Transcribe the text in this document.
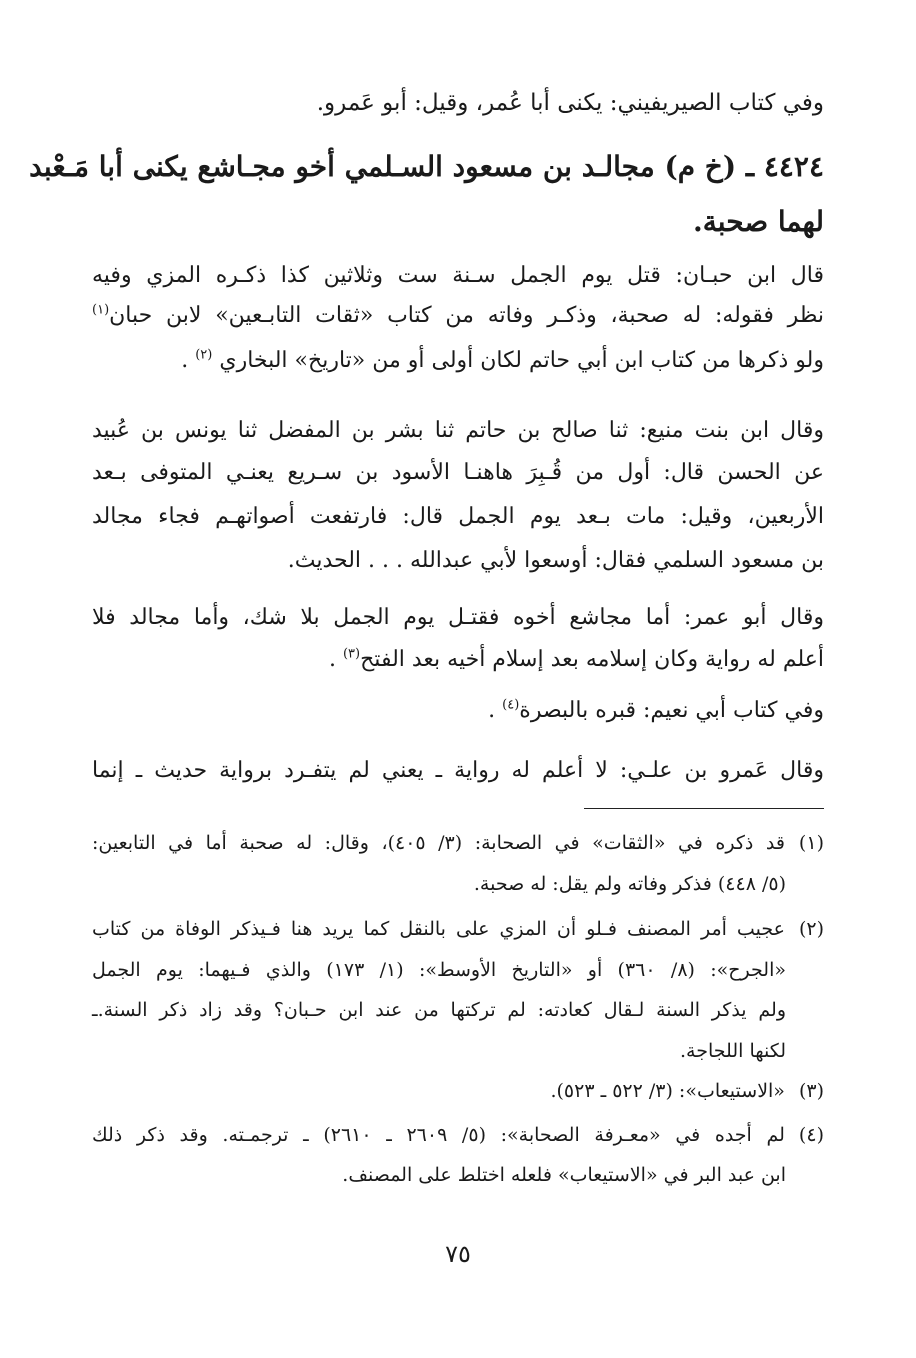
وفي كتاب الصيريفيني: يكنى أبا عُمر، وقيل: أبو عَمرو.
٤٤٢٤ ـ (خ م) مجالـد بن مسعود السـلمي أخو مجـاشع يكنى أبا مَـعْبد
لهما صحبة.
قال ابن حبـان: قتل يوم الجمل سـنة ست وثلاثين كذا ذكـره المزي وفيه
نظر فقوله: له صحبة، وذكـر وفاته من كتاب «ثقات التابـعين» لابن حبان$^{(١)}$
ولو ذكرها من كتاب ابن أبي حاتم لكان أولى أو من «تاريخ» البخاري $^{(٢)}$ .
وقال ابن بنت منيع: ثنا صالح بن حاتم ثنا بشر بن المفضل ثنا يونس بن عُبيد
عن الحسن قال: أول من قُـبِرَ هاهنـا الأسود بن سـريع يعنـي المتوفى بـعد
الأربعين، وقيل: مات بـعد يوم الجمل قال: فارتفعت أصواتهـم فجاء مجالد
بن مسعود السلمي فقال: أوسعوا لأبي عبدالله . . . الحديث.
وقال أبو عمر: أما مجاشع أخوه فقتـل يوم الجمل بلا شك، وأما مجالد فلا
أعلم له رواية وكان إسلامه بعد إسلام أخيه بعد الفتح$^{(٣)}$ .
وفي كتاب أبي نعيم: قبره بالبصرة$^{(٤)}$ .
وقال عَمرو بن علـي: لا أعلم له رواية ـ يعني لم يتفـرد برواية حديث ـ إنما
(١)قد ذكره في «الثقات» في الصحابة: (٣/ ٤٠٥)، وقال: له صحبة أما في التابعين:
(٥/ ٤٤٨) فذكر وفاته ولم يقل: له صحبة.
(٢)عجيب أمر المصنف فـلو أن المزي على بالنقل كما يريد هنا فـيذكر الوفاة من كتاب
«الجرح»: (٨/ ٣٦٠) أو «التاريخ الأوسط»: (١/ ١٧٣) والذي فـيهما: يوم الجمل
ولم يذكر السنة لـقال كعادته: لم تركتها من عند ابن حـبان؟ وقد زاد ذكر السنة.ـ
لكنها اللجاجة.
(٣)«الاستيعاب»: (٣/ ٥٢٢ ـ ٥٢٣).
(٤)لم أجده في «معـرفة الصحابة»: (٥/ ٢٦٠٩ ـ ٢٦١٠) ـ ترجمـته. وقد ذكر ذلك
ابن عبد البر في «الاستيعاب» فلعله اختلط على المصنف.
٧٥
